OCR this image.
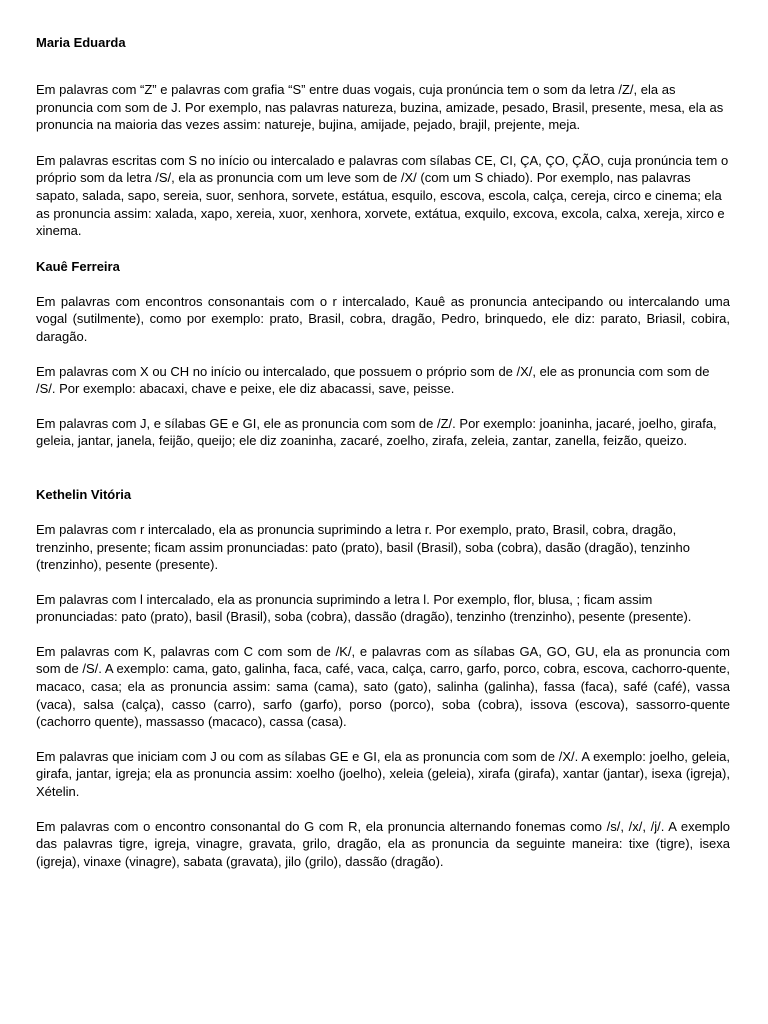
Maria Eduarda

Em palavras com “Z” e palavras com grafia “S” entre duas vogais, cuja pronúncia tem o som da letra /Z/, ela as pronuncia com som de J. Por exemplo, nas palavras natureza, buzina, amizade, pesado, Brasil, presente, mesa, ela as pronuncia na maioria das vezes assim: natureje, bujina, amijade, pejado, brajil, prejente, meja.

Em palavras escritas com S no início ou intercalado e palavras com sílabas CE, CI, ÇA, ÇO, ÇÃO, cuja pronúncia tem o próprio som da letra /S/, ela as pronuncia com um leve som de /X/ (com um S chiado). Por exemplo, nas palavras sapato, salada, sapo, sereia, suor, senhora, sorvete, estátua, esquilo, escova, escola, calça, cereja, circo e cinema; ela as pronuncia assim: xalada, xapo, xereia, xuor, xenhora, xorvete, extátua, exquilo, excova, excola, calxa, xereja, xirco e xinema.

Kauê Ferreira

Em palavras com encontros consonantais com o r intercalado, Kauê as pronuncia antecipando ou intercalando uma vogal (sutilmente), como por exemplo: prato, Brasil, cobra, dragão, Pedro, brinquedo, ele diz: parato, Briasil, cobira, daragão.

Em palavras com X ou CH no início ou intercalado, que possuem o próprio som de /X/, ele as pronuncia com som de /S/. Por exemplo: abacaxi, chave e peixe, ele diz abacassi, save, peisse.

Em palavras com J, e sílabas GE e GI, ele as pronuncia com som de /Z/. Por exemplo: joaninha, jacaré, joelho, girafa, geleia, jantar, janela, feijão, queijo; ele diz zoaninha, zacaré, zoelho, zirafa, zeleia, zantar, zanella, feizão, queizo.

Kethelin Vitória

Em palavras com r intercalado, ela as pronuncia suprimindo a letra r. Por exemplo, prato, Brasil, cobra, dragão, trenzinho, presente; ficam assim pronunciadas: pato (prato), basil (Brasil), soba (cobra), dasão (dragão), tenzinho (trenzinho), pesente (presente).

Em palavras com l intercalado, ela as pronuncia suprimindo a letra l. Por exemplo, flor, blusa, ; ficam assim pronunciadas: pato (prato), basil (Brasil), soba (cobra), dassão (dragão), tenzinho (trenzinho), pesente (presente).

Em palavras com K, palavras com C com som de /K/, e palavras com as sílabas GA, GO, GU, ela as pronuncia com som de /S/. A exemplo: cama, gato, galinha, faca, café, vaca, calça, carro, garfo, porco, cobra, escova, cachorro-quente, macaco, casa; ela as pronuncia assim: sama (cama), sato (gato), salinha (galinha), fassa (faca), safé (café), vassa (vaca), salsa (calça), casso (carro), sarfo (garfo), porso (porco), soba (cobra), issova (escova), sassorro-quente (cachorro quente), massasso (macaco), cassa (casa).

Em palavras que iniciam com J ou com as sílabas GE e GI, ela as pronuncia com som de /X/. A exemplo: joelho, geleia, girafa, jantar, igreja; ela as pronuncia assim: xoelho (joelho), xeleia (geleia), xirafa (girafa), xantar (jantar), isexa (igreja), Xételin.

Em palavras com o encontro consonantal do G com R, ela pronuncia alternando fonemas como /s/, /x/, /j/. A exemplo das palavras tigre, igreja, vinagre, gravata, grilo, dragão, ela as pronuncia da seguinte maneira: tixe (tigre), isexa (igreja), vinaxe (vinagre), sabata (gravata), jilo (grilo), dassão (dragão).
